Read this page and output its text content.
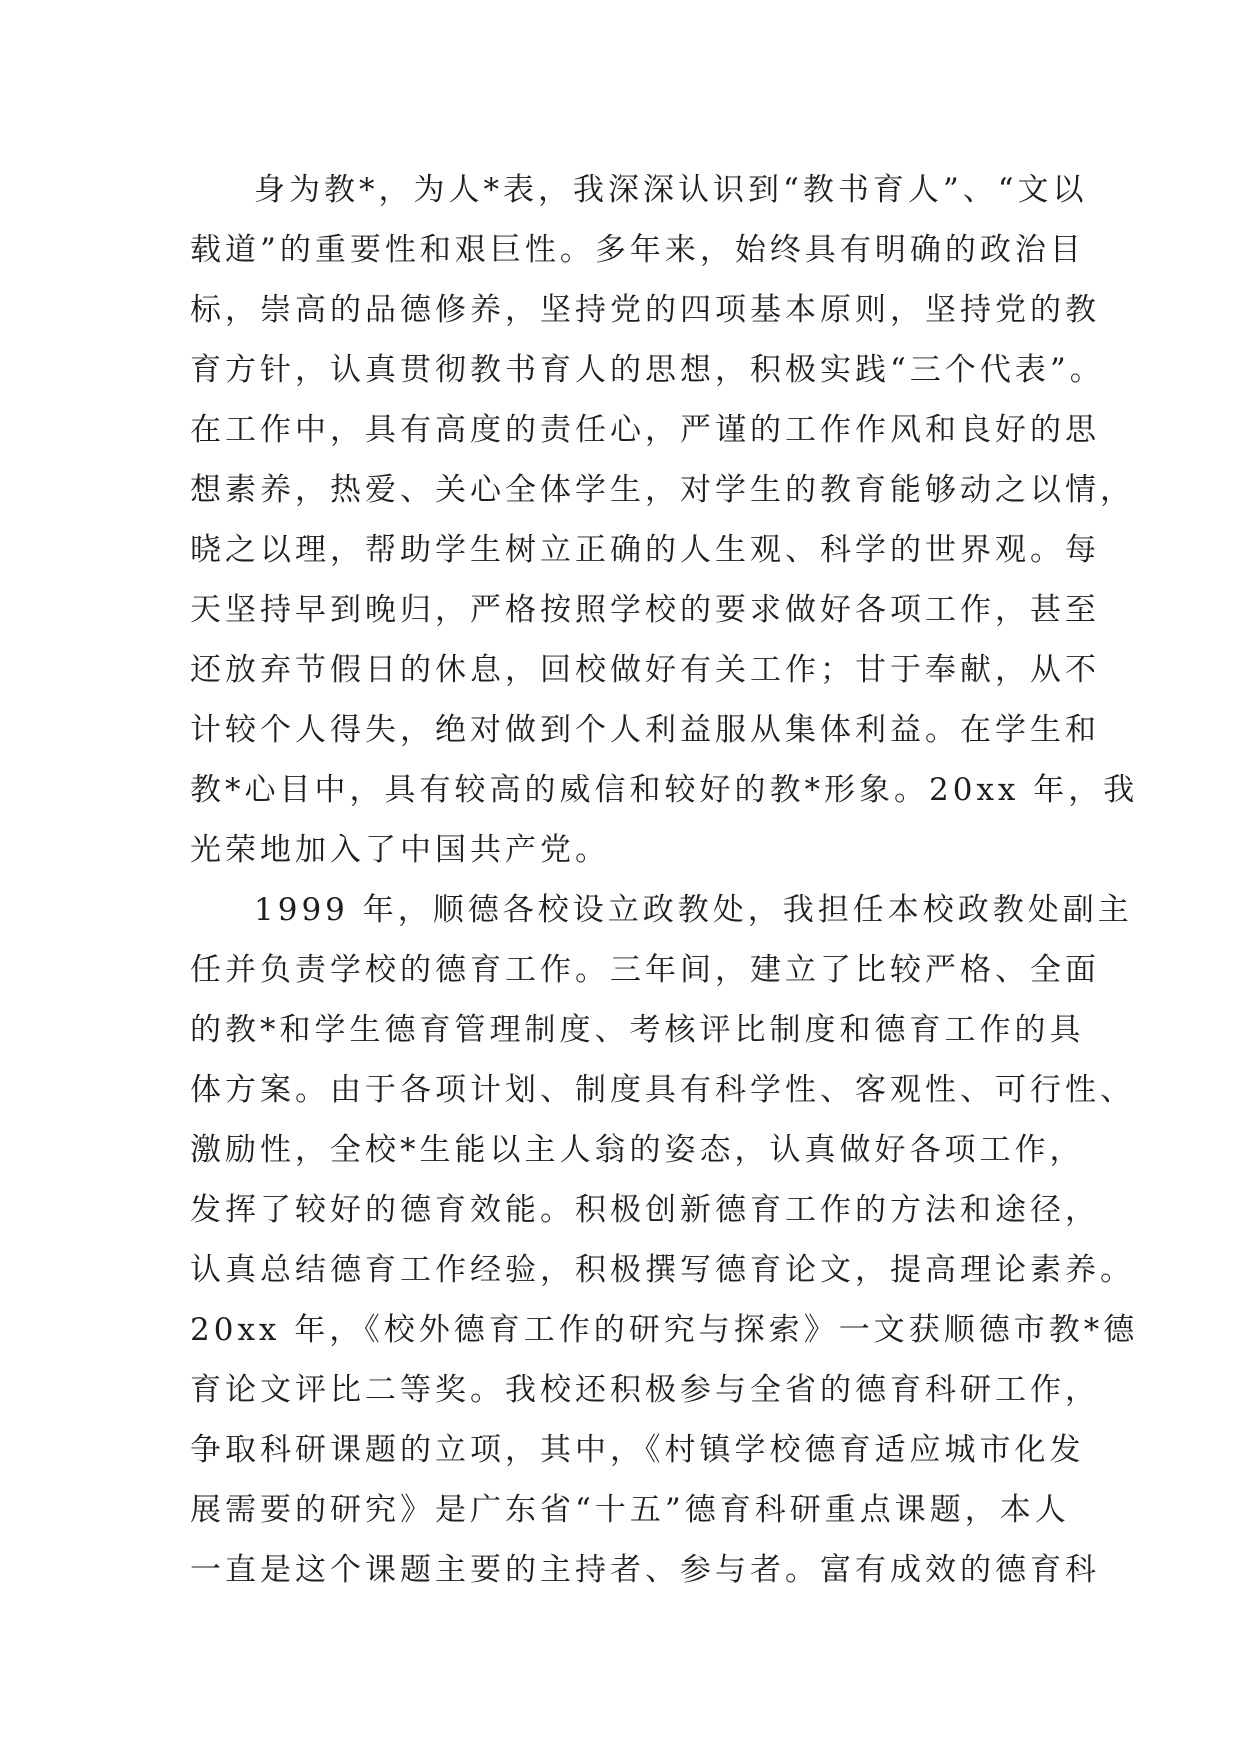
身为教*，为人*表，我深深认识到“教书育人”、“文以
载道”的重要性和艰巨性。多年来，始终具有明确的政治目
标，崇高的品德修养，坚持党的四项基本原则，坚持党的教
育方针，认真贯彻教书育人的思想，积极实践“三个代表”。
在工作中，具有高度的责任心，严谨的工作作风和良好的思
想素养，热爱、关心全体学生，对学生的教育能够动之以情，
晓之以理，帮助学生树立正确的人生观、科学的世界观。每
天坚持早到晚归，严格按照学校的要求做好各项工作，甚至
还放弃节假日的休息，回校做好有关工作；甘于奉献，从不
计较个人得失，绝对做到个人利益服从集体利益。在学生和
教*心目中，具有较高的威信和较好的教*形象。20xx 年，我
光荣地加入了中国共产党。
1999 年，顺德各校设立政教处，我担任本校政教处副主
任并负责学校的德育工作。三年间，建立了比较严格、全面
的教*和学生德育管理制度、考核评比制度和德育工作的具
体方案。由于各项计划、制度具有科学性、客观性、可行性、
激励性，全校*生能以主人翁的姿态，认真做好各项工作，
发挥了较好的德育效能。积极创新德育工作的方法和途径，
认真总结德育工作经验，积极撰写德育论文，提高理论素养。
20xx 年，《校外德育工作的研究与探索》一文获顺德市教*德
育论文评比二等奖。我校还积极参与全省的德育科研工作，
争取科研课题的立项，其中，《村镇学校德育适应城市化发
展需要的研究》是广东省“十五”德育科研重点课题，本人
一直是这个课题主要的主持者、参与者。富有成效的德育科
